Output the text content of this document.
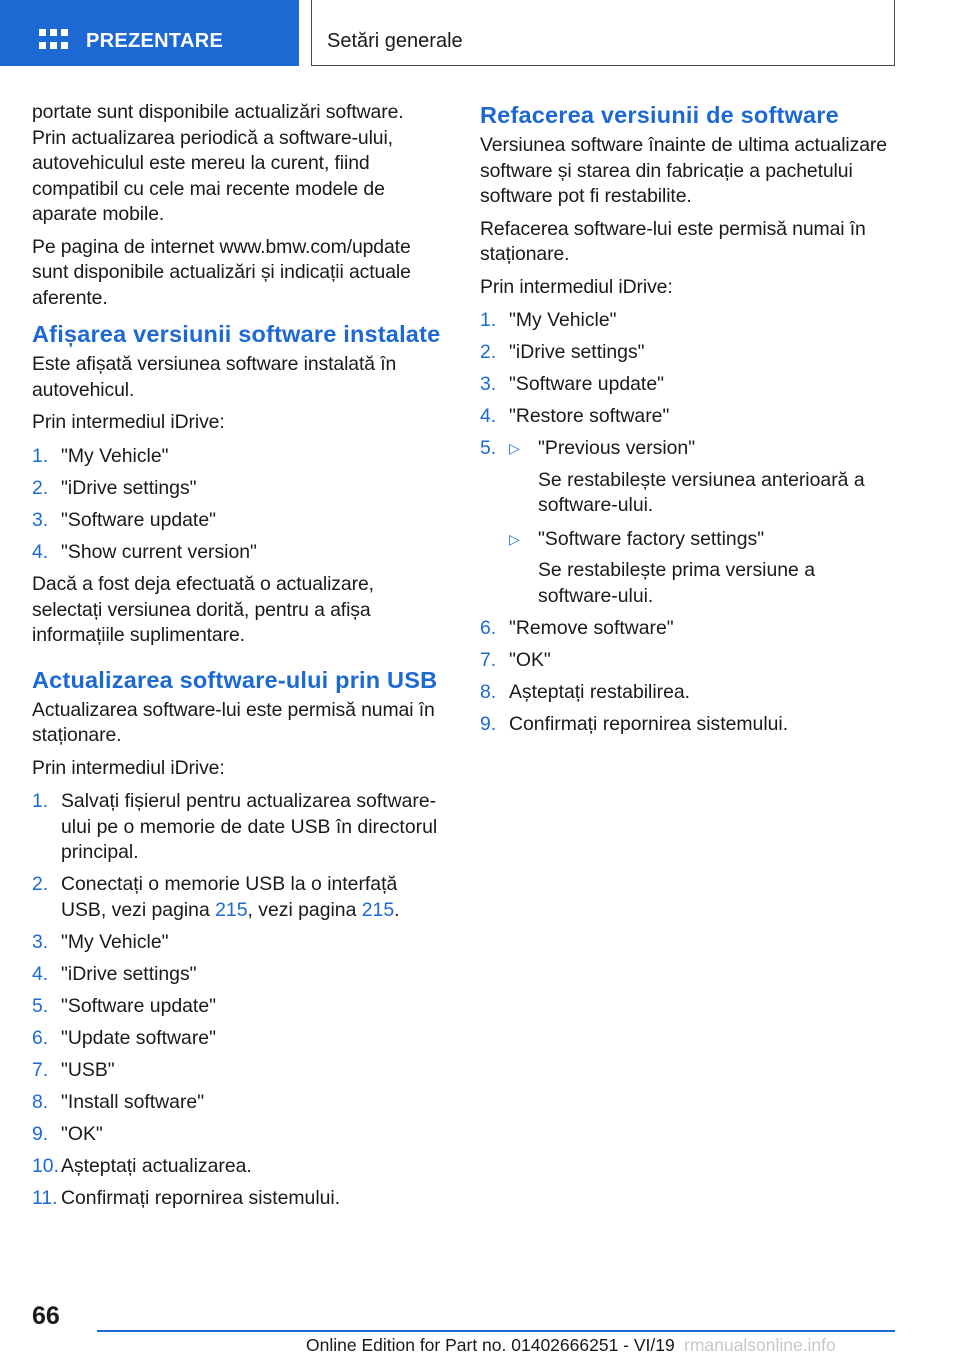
PREZENTARE	Setări generale

portate sunt disponibile actualizări software. Prin actualizarea periodică a software-ului, autovehiculul este mereu la curent, fiind compatibil cu cele mai recente modele de aparate mobile.

Pe pagina de internet www.bmw.com/update sunt disponibile actualizări și indicații actuale aferente.

Afișarea versiunii software instalate

Este afișată versiunea software instalată în autovehicul.

Prin intermediul iDrive:

1. "My Vehicle"
2. "iDrive settings"
3. "Software update"
4. "Show current version"

Dacă a fost deja efectuată o actualizare, selectați versiunea dorită, pentru a afișa informațiile suplimentare.

Actualizarea software-ului prin USB

Actualizarea software-lui este permisă numai în staționare.

Prin intermediul iDrive:

1. Salvați fișierul pentru actualizarea software-ului pe o memorie de date USB în directorul principal.
2. Conectați o memorie USB la o interfață USB, vezi pagina 215, vezi pagina 215.
3. "My Vehicle"
4. "iDrive settings"
5. "Software update"
6. "Update software"
7. "USB"
8. "Install software"
9. "OK"
10. Așteptați actualizarea.
11. Confirmați repornirea sistemului.
Refacerea versiunii de software

Versiunea software înainte de ultima actualizare software și starea din fabricație a pachetului software pot fi restabilite.

Refacerea software-lui este permisă numai în staționare.

Prin intermediul iDrive:

1. "My Vehicle"
2. "iDrive settings"
3. "Software update"
4. "Restore software"
5. ▷ "Previous version"
Se restabilește versiunea anterioară a software-ului.
▷ "Software factory settings"
Se restabilește prima versiune a software-ului.
6. "Remove software"
7. "OK"
8. Așteptați restabilirea.
9. Confirmați repornirea sistemului.
66
Online Edition for Part no. 01402666251 - VI/19 rmanualsonline.info
